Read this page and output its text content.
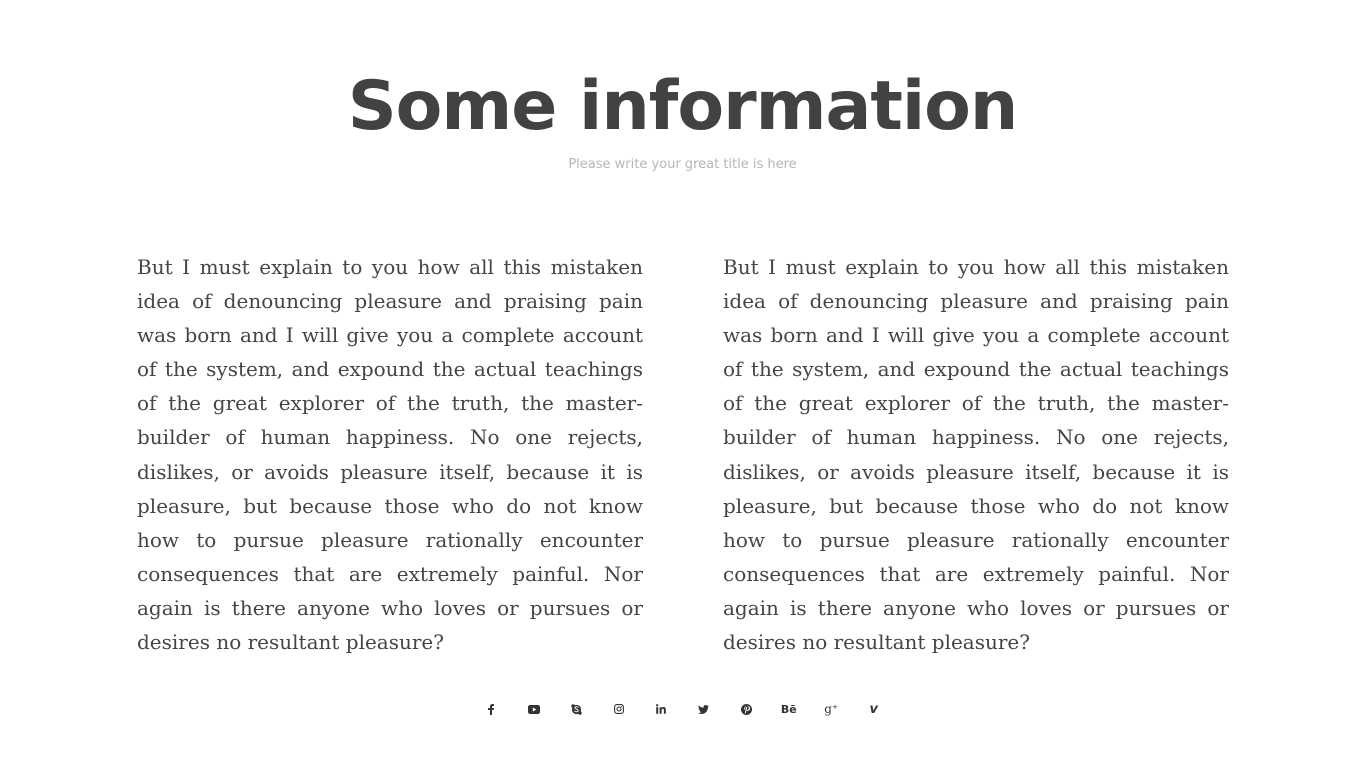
Some information

Please write your great title is here

But I must explain to you how all this mistaken idea of denouncing pleasure and praising pain was born and I will give you a complete account of the system, and expound the actual teachings of the great explorer of the truth, the master-builder of human happiness. No one rejects, dislikes, or avoids pleasure itself, because it is pleasure, but because those who do not know how to pursue pleasure rationally encounter consequences that are extremely painful. Nor again is there anyone who loves or pursues or desires no resultant pleasure?

But I must explain to you how all this mistaken idea of denouncing pleasure and praising pain was born and I will give you a complete account of the system, and expound the actual teachings of the great explorer of the truth, the master-builder of human happiness. No one rejects, dislikes, or avoids pleasure itself, because it is pleasure, but because those who do not know how to pursue pleasure rationally encounter consequences that are extremely painful. Nor again is there anyone who loves or pursues or desires no resultant pleasure?

Bē g⁺ v
